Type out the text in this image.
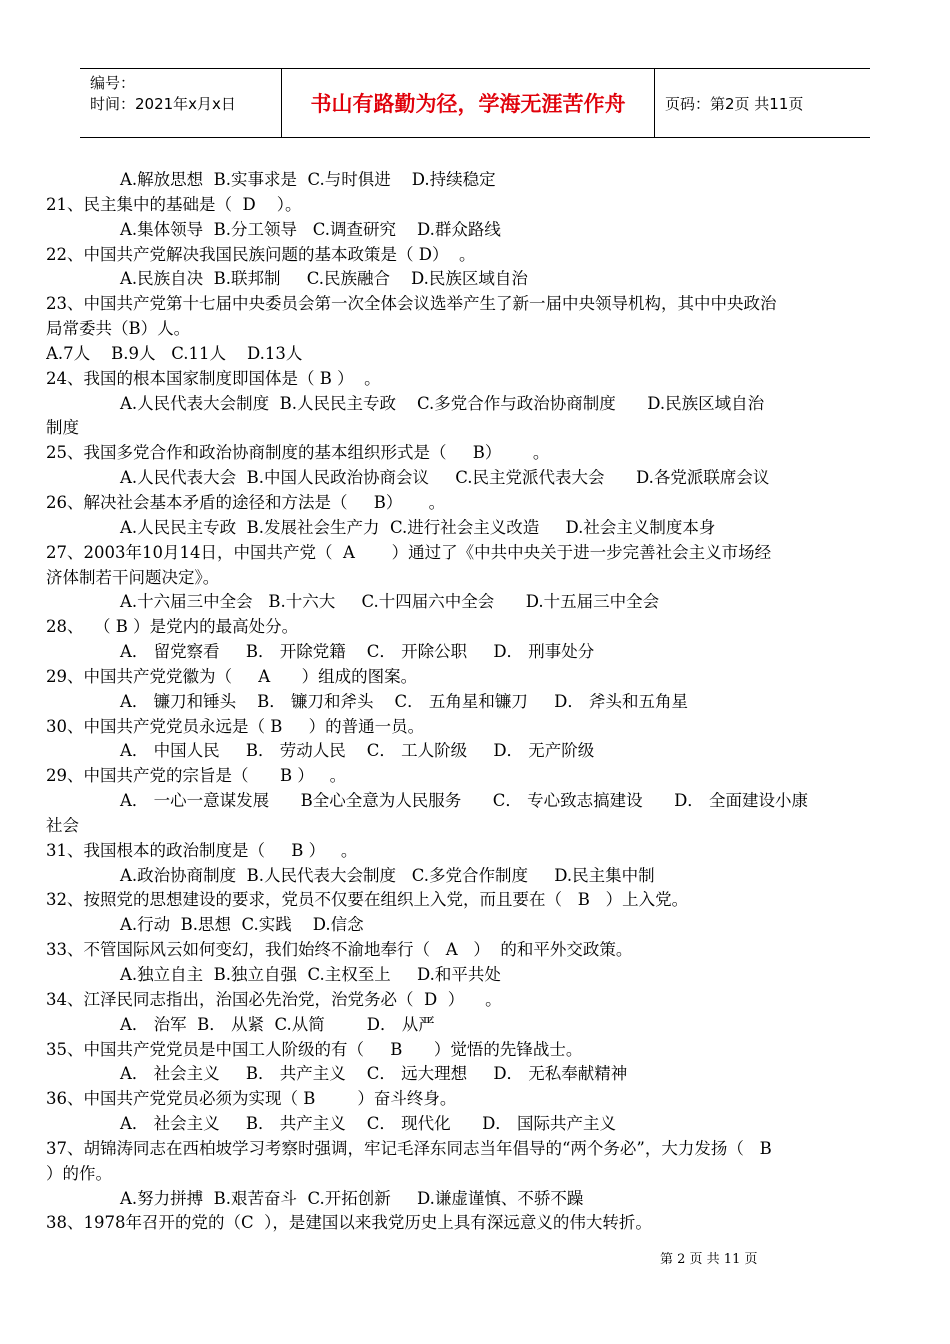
编号：
时间：2021年x月x日	书山有路勤为径，学海无涯苦作舟	页码：第2页 共11页
A.解放思想  B.实事求是  C.与时俱进    D.持续稳定
21、民主集中的基础是（  D    ）。
A.集体领导  B.分工领导   C.调查研究    D.群众路线
22、中国共产党解决我国民族问题的基本政策是（ D）  。
A.民族自决  B.联邦制     C.民族融合    D.民族区域自治
23、中国共产党第十七届中央委员会第一次全体会议选举产生了新一届中央领导机构，其中中央政治
局常委共（B）人。
A.7人    B.9人   C.11人    D.13人
24、我国的根本国家制度即国体是（ B ）  。
A.人民代表大会制度  B.人民民主专政    C.多党合作与政治协商制度      D.民族区域自治
制度
25、我国多党合作和政治协商制度的基本组织形式是（     B）      。
A.人民代表大会  B.中国人民政治协商会议     C.民主党派代表大会      D.各党派联席会议
26、解决社会基本矛盾的途径和方法是（     B）     。
A.人民民主专政  B.发展社会生产力  C.进行社会主义改造     D.社会主义制度本身
27、2003年10月14日，中国共产党（  A       ）通过了《中共中央关于进一步完善社会主义市场经
济体制若干问题决定》。
A.十六届三中全会   B.十六大     C.十四届六中全会      D.十五届三中全会
28、  （ B ）是党内的最高处分。
A． 留党察看     B． 开除党籍    C． 开除公职     D． 刑事处分
29、中国共产党党徽为（     A      ）组成的图案。
A． 镰刀和锤头    B． 镰刀和斧头    C． 五角星和镰刀     D． 斧头和五角星
30、中国共产党党员永远是（ B     ）的普通一员。
A． 中国人民     B． 劳动人民    C． 工人阶级     D． 无产阶级
29、中国共产党的宗旨是（      B ）   。
A． 一心一意谋发展      B全心全意为人民服务      C． 专心致志搞建设      D． 全面建设小康
社会
31、我国根本的政治制度是（     B ）   。
A.政治协商制度  B.人民代表大会制度   C.多党合作制度     D.民主集中制
32、按照党的思想建设的要求，党员不仅要在组织上入党，而且要在（   B   ）上入党。
A.行动  B.思想  C.实践    D.信念
33、不管国际风云如何变幻，我们始终不渝地奉行（   A   ）  的和平外交政策。
A.独立自主  B.独立自强  C.主权至上     D.和平共处
34、江泽民同志指出，治国必先治党，治党务必（  D  ）    。
A． 治军  B． 从紧  C.从简        D． 从严
35、中国共产党党员是中国工人阶级的有（     B      ）觉悟的先锋战士。
A． 社会主义     B． 共产主义    C． 远大理想     D． 无私奉献精神
36、中国共产党党员必须为实现（ B        ）奋斗终身。
A． 社会主义     B． 共产主义    C． 现代化      D． 国际共产主义
37、胡锦涛同志在西柏坡学习考察时强调，牢记毛泽东同志当年倡导的“两个务必”，大力发扬（   B
）的作。
A.努力拼搏  B.艰苦奋斗  C.开拓创新     D.谦虚谨慎、不骄不躁
38、1978年召开的党的（C  ），是建国以来我党历史上具有深远意义的伟大转折。
第 2 页 共 11 页
